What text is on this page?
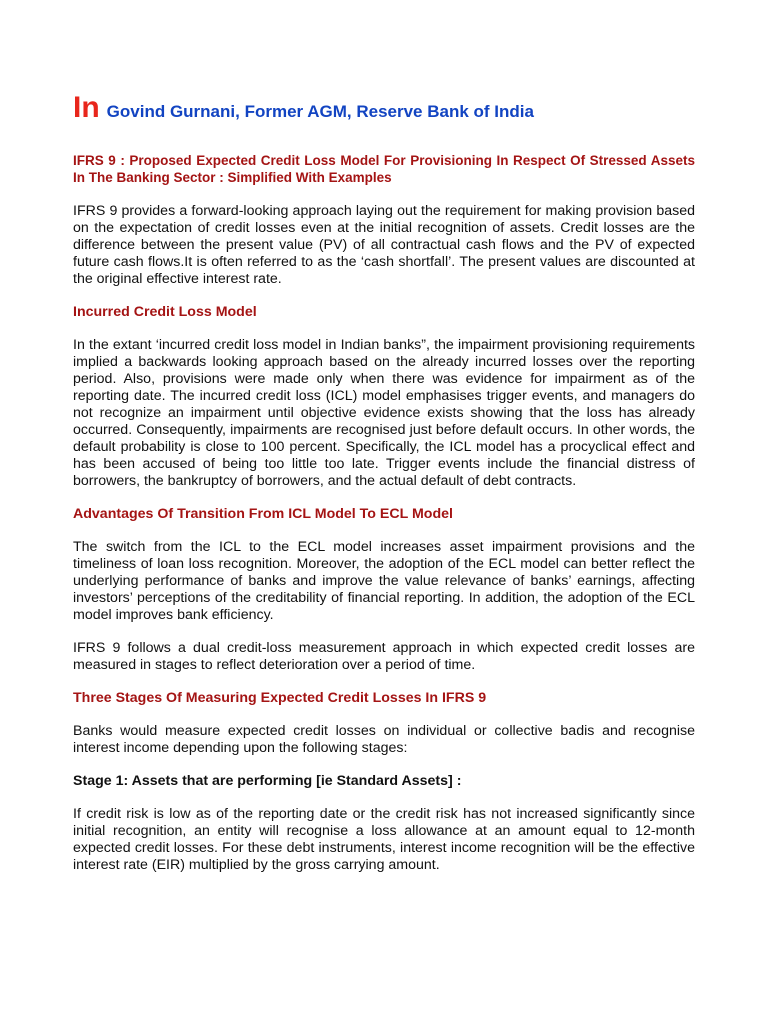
In Govind Gurnani, Former AGM, Reserve Bank of India
IFRS 9 : Proposed Expected Credit Loss Model For Provisioning In Respect Of Stressed Assets In The Banking Sector : Simplified With Examples

IFRS 9 provides a forward-looking approach laying out the requirement for making provision based on the expectation of credit losses even at the initial recognition of assets. Credit losses are the difference between the present value (PV) of all contractual cash flows and the PV of expected future cash flows.It is often referred to as the ‘cash shortfall’. The present values are discounted at the original effective interest rate.

Incurred Credit Loss Model

In the extant ‘incurred credit loss model in Indian banks”, the impairment provisioning requirements implied a backwards looking approach based on the already incurred losses over the reporting period. Also, provisions were made only when there was evidence for impairment as of the reporting date. The incurred credit loss (ICL) model emphasises trigger events, and managers do not recognize an impairment until objective evidence exists showing that the loss has already occurred. Consequently, impairments are recognised just before default occurs. In other words, the default probability is close to 100 percent. Specifically, the ICL model has a procyclical effect and has been accused of being too little too late. Trigger events include the financial distress of borrowers, the bankruptcy of borrowers, and the actual default of debt contracts.

Advantages Of Transition From ICL Model To ECL Model

The switch from the ICL to the ECL model increases asset impairment provisions and the timeliness of loan loss recognition. Moreover, the adoption of the ECL model can better reflect the underlying performance of banks and improve the value relevance of banks’ earnings, affecting investors’ perceptions of the creditability of financial reporting. In addition, the adoption of the ECL model improves bank efficiency.

IFRS 9 follows a dual credit-loss measurement approach in which expected credit losses are measured in stages to reflect deterioration over a period of time.

Three Stages Of Measuring Expected Credit Losses In IFRS 9

Banks would measure expected credit losses on individual or collective badis and recognise interest income depending upon the following stages:

Stage 1: Assets that are performing [ie Standard Assets] :

If credit risk is low as of the reporting date or the credit risk has not increased significantly since initial recognition, an entity will recognise a loss allowance at an amount equal to 12-month expected credit losses. For these debt instruments, interest income recognition will be the effective interest rate (EIR) multiplied by the gross carrying amount.
